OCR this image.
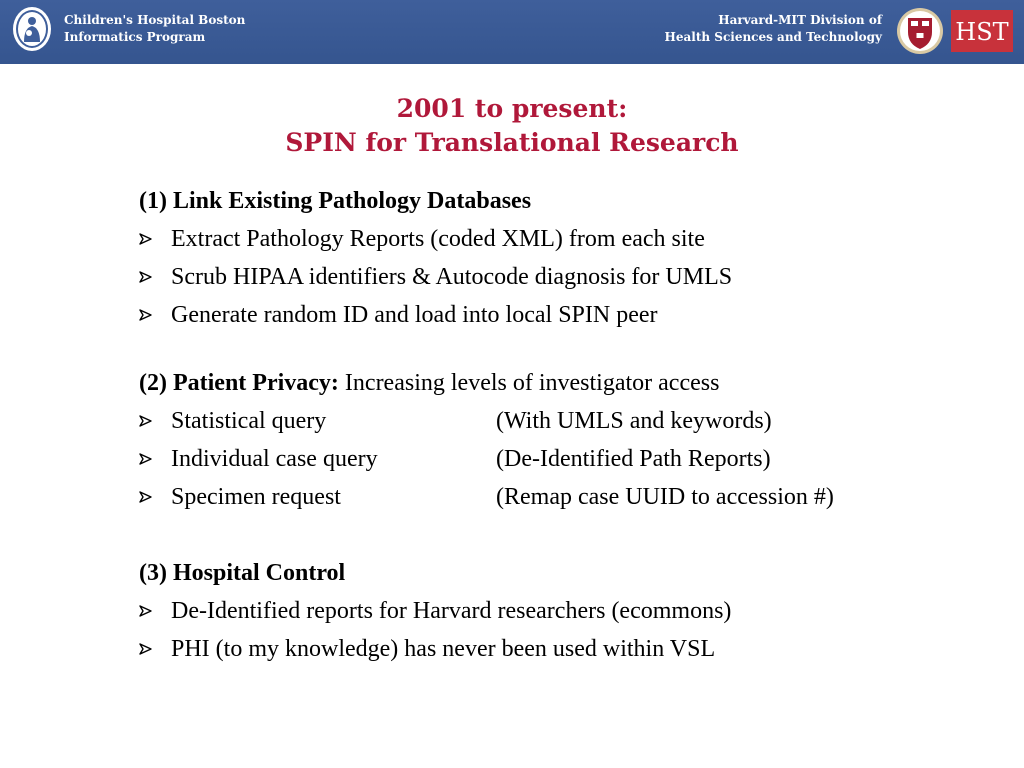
Children's Hospital Boston
Informatics Program
Harvard-MIT Division of
Health Sciences and Technology	HST
2001 to present:
SPIN for Translational Research
(1) Link Existing Pathology Databases
Extract Pathology Reports (coded XML) from each site
Scrub HIPAA identifiers & Autocode diagnosis for UMLS
Generate random ID and load into local SPIN peer
(2) Patient Privacy: Increasing levels of investigator access
Statistical query	(With UMLS and keywords)
Individual case query	(De-Identified Path Reports)
Specimen request	(Remap case UUID to accession #)
(3) Hospital Control
De-Identified reports for Harvard researchers (ecommons)
PHI (to my knowledge) has never been used within VSL
